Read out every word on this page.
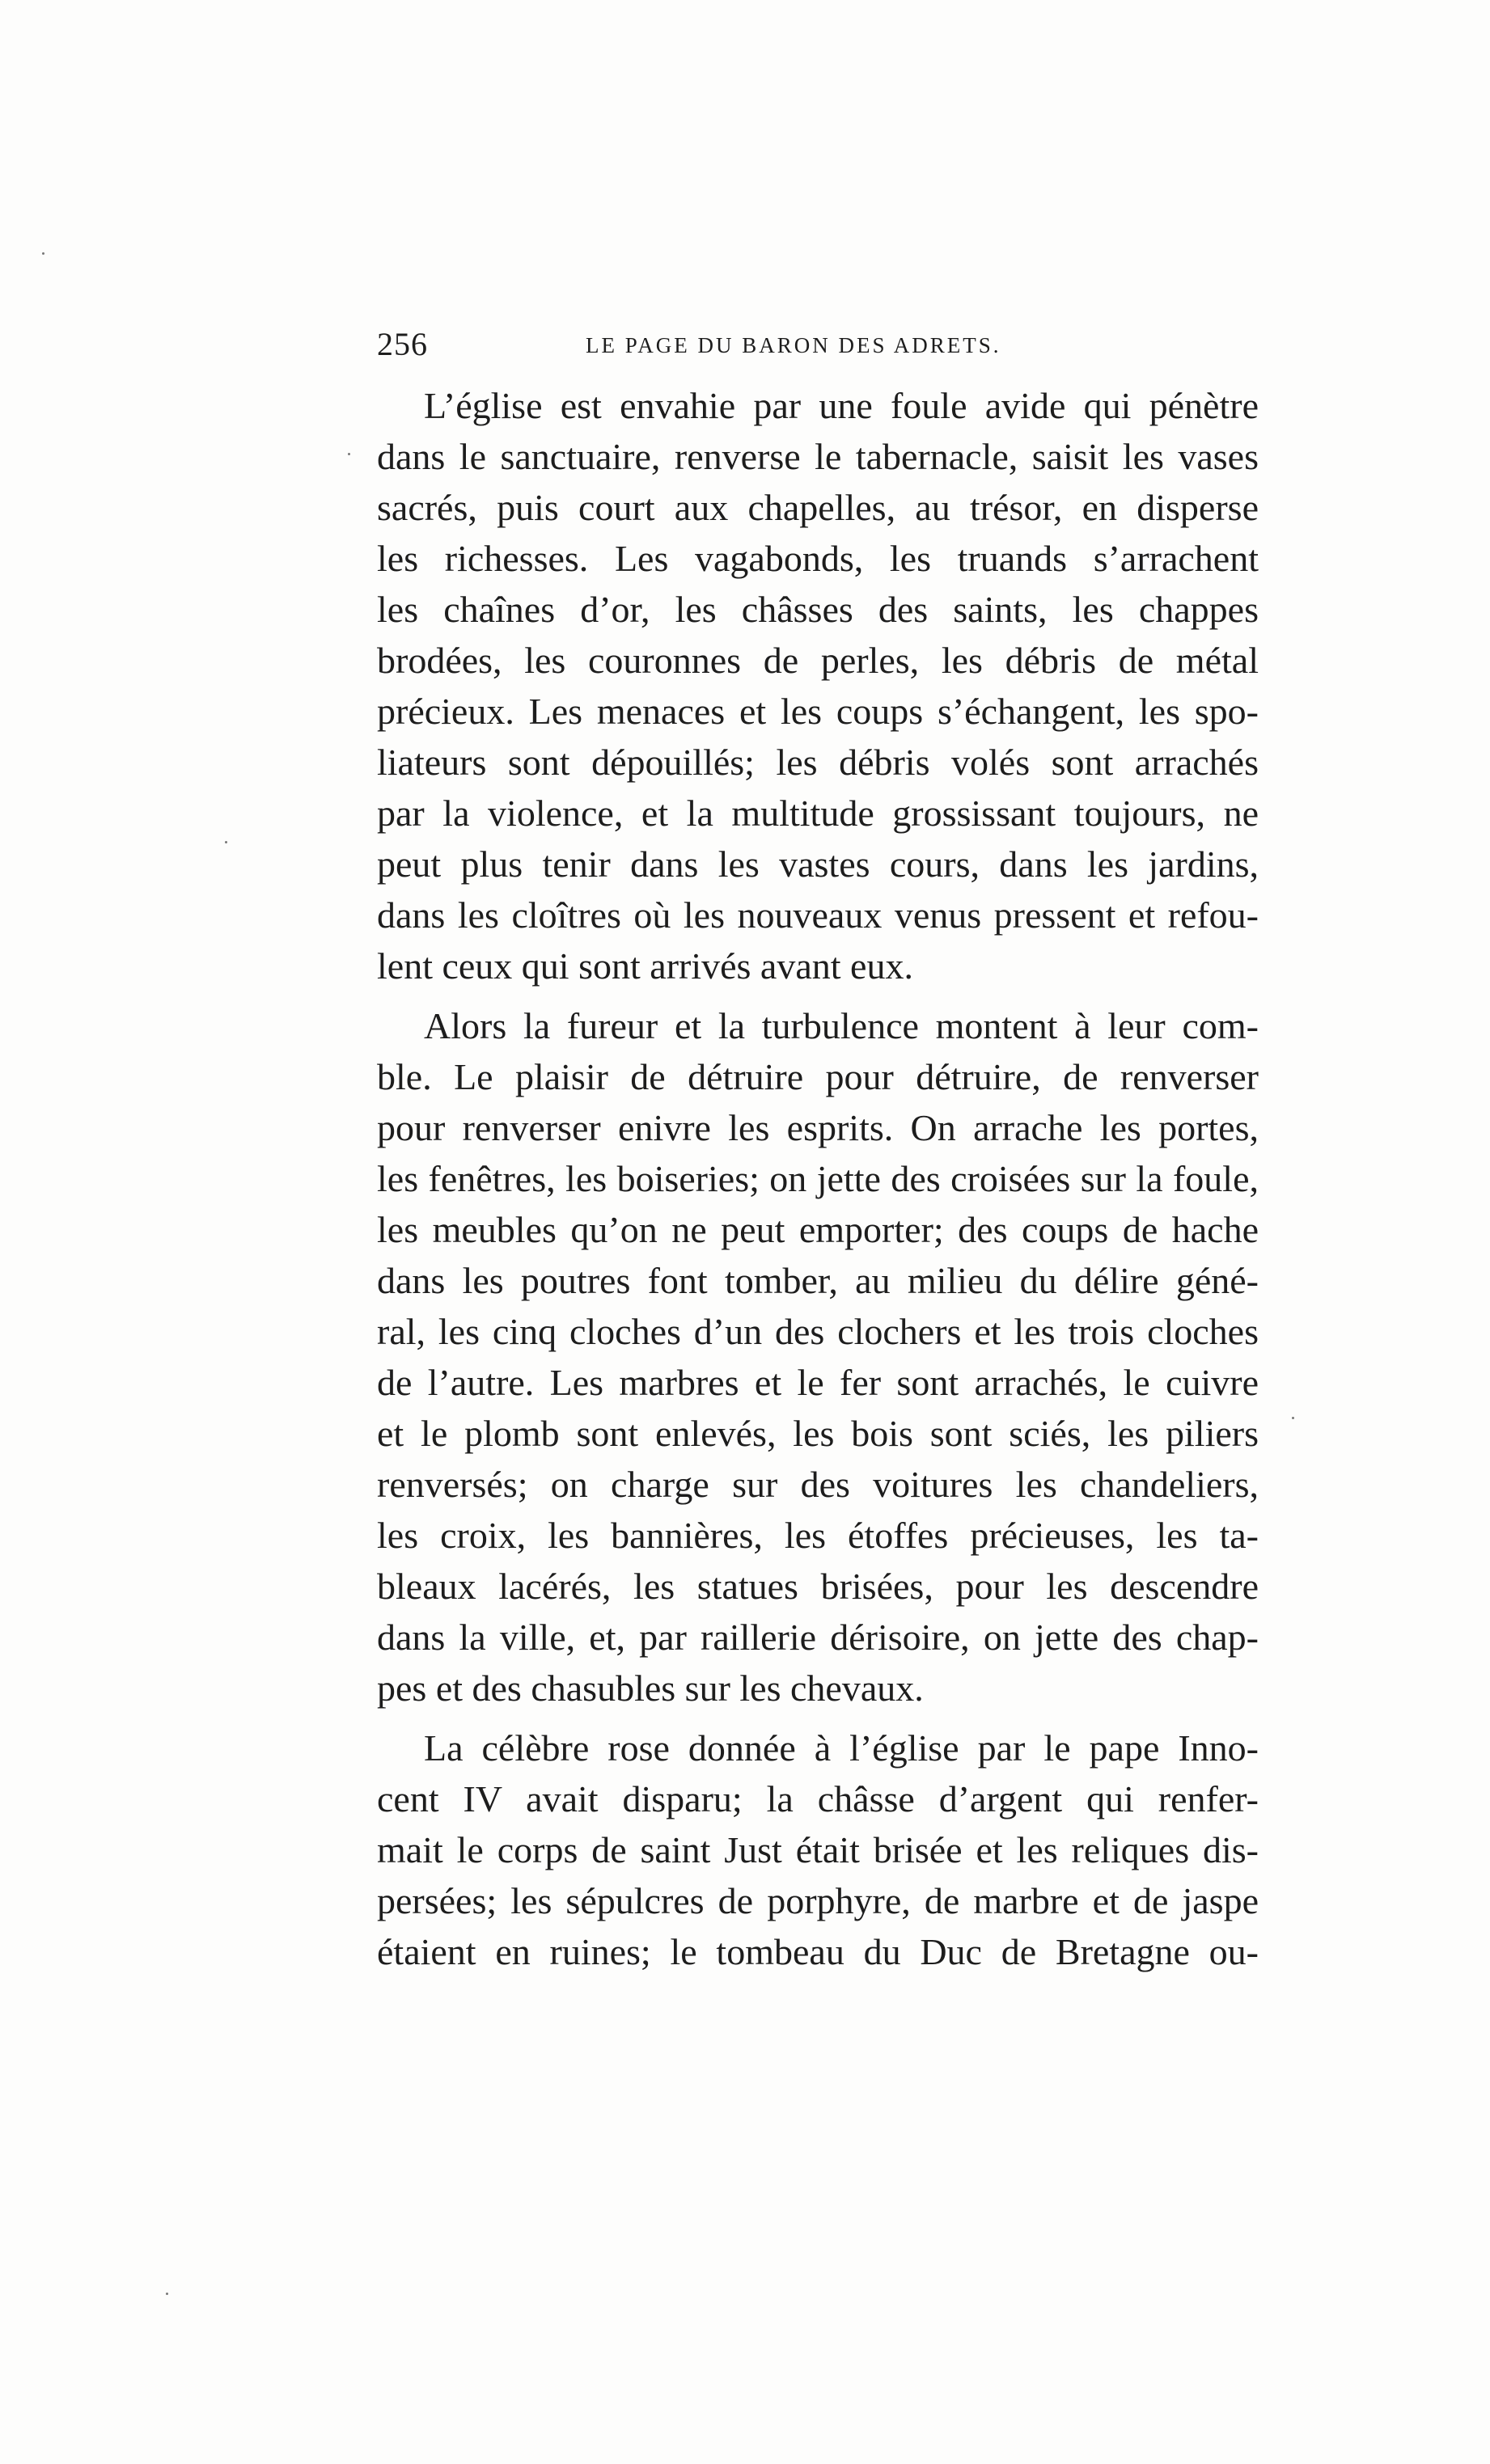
256	LE PAGE DU BARON DES ADRETS.
L’église est envahie par une foule avide qui pénètre
dans le sanctuaire, renverse le tabernacle, saisit les vases
sacrés, puis court aux chapelles, au trésor, en disperse
les richesses. Les vagabonds, les truands s’arrachent
les chaînes d’or, les châsses des saints, les chappes
brodées, les couronnes de perles, les débris de métal
précieux. Les menaces et les coups s’échangent, les spo-
liateurs sont dépouillés; les débris volés sont arrachés
par la violence, et la multitude grossissant toujours, ne
peut plus tenir dans les vastes cours, dans les jardins,
dans les cloîtres où les nouveaux venus pressent et refou-
lent ceux qui sont arrivés avant eux.
Alors la fureur et la turbulence montent à leur com-
ble. Le plaisir de détruire pour détruire, de renverser
pour renverser enivre les esprits. On arrache les portes,
les fenêtres, les boiseries; on jette des croisées sur la foule,
les meubles qu’on ne peut emporter; des coups de hache
dans les poutres font tomber, au milieu du délire géné-
ral, les cinq cloches d’un des clochers et les trois cloches
de l’autre. Les marbres et le fer sont arrachés, le cuivre
et le plomb sont enlevés, les bois sont sciés, les piliers
renversés; on charge sur des voitures les chandeliers,
les croix, les bannières, les étoffes précieuses, les ta-
bleaux lacérés, les statues brisées, pour les descendre
dans la ville, et, par raillerie dérisoire, on jette des chap-
pes et des chasubles sur les chevaux.
La célèbre rose donnée à l’église par le pape Inno-
cent IV avait disparu; la châsse d’argent qui renfer-
mait le corps de saint Just était brisée et les reliques dis-
persées; les sépulcres de porphyre, de marbre et de jaspe
étaient en ruines; le tombeau du Duc de Bretagne ou-
